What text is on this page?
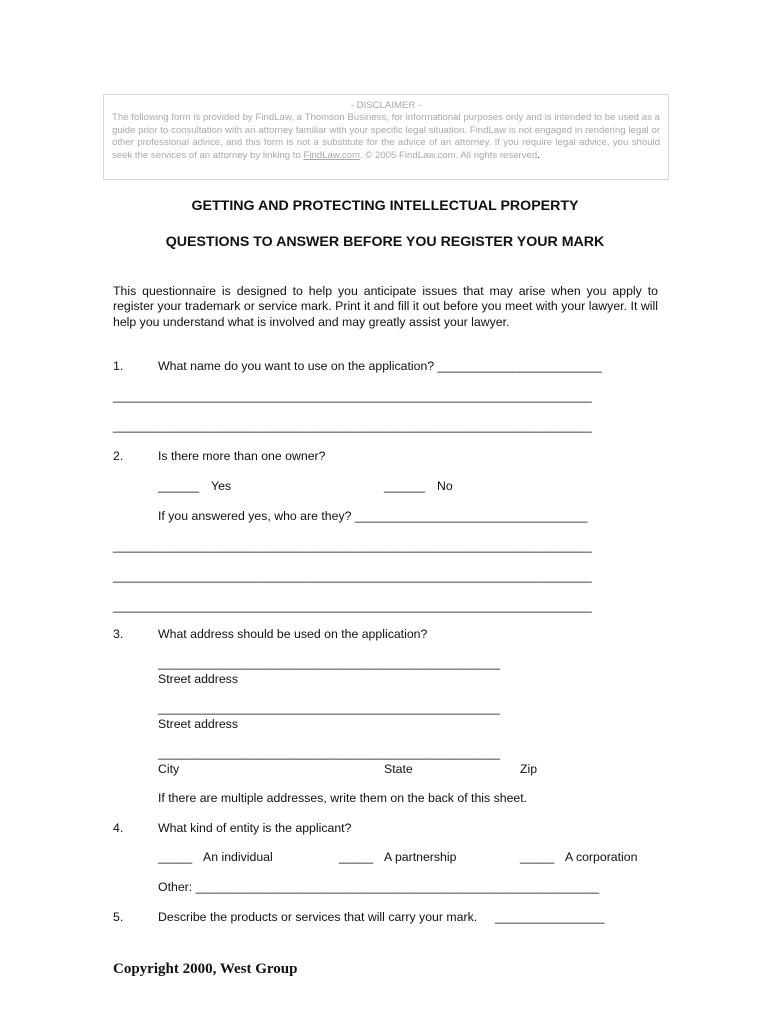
- DISCLAIMER -
The following form is provided by FindLaw, a Thomson Business, for informational purposes only and is intended to be used as a guide prior to consultation with an attorney familiar with your specific legal situation. FindLaw is not engaged in rendering legal or other professional advice, and this form is not a substitute for the advice of an attorney. If you require legal advice, you should seek the services of an attorney by linking to FindLaw.com. © 2005 FindLaw.com. All rights reserved.
GETTING AND PROTECTING INTELLECTUAL PROPERTY
QUESTIONS TO ANSWER BEFORE YOU REGISTER YOUR MARK
This questionnaire is designed to help you anticipate issues that may arise when you apply to register your trademark or service mark. Print it and fill it out before you meet with your lawyer. It will help you understand what is involved and may greatly assist your lawyer.
1.	What name do you want to use on the application? ________________________
______________________________________________________________________
______________________________________________________________________
2.	Is there more than one owner?
______ Yes	______ No
If you answered yes, who are they? __________________________________
______________________________________________________________________
______________________________________________________________________
______________________________________________________________________
3.	What address should be used on the application?
__________________________________________________
Street address
__________________________________________________
Street address
__________________________________________________
City	State	Zip
If there are multiple addresses, write them on the back of this sheet.
4.	What kind of entity is the applicant?
_____ An individual	_____ A partnership	_____ A corporation
Other: ___________________________________________________________
5.	Describe the products or services that will carry your mark. ________________
Copyright 2000, West Group
